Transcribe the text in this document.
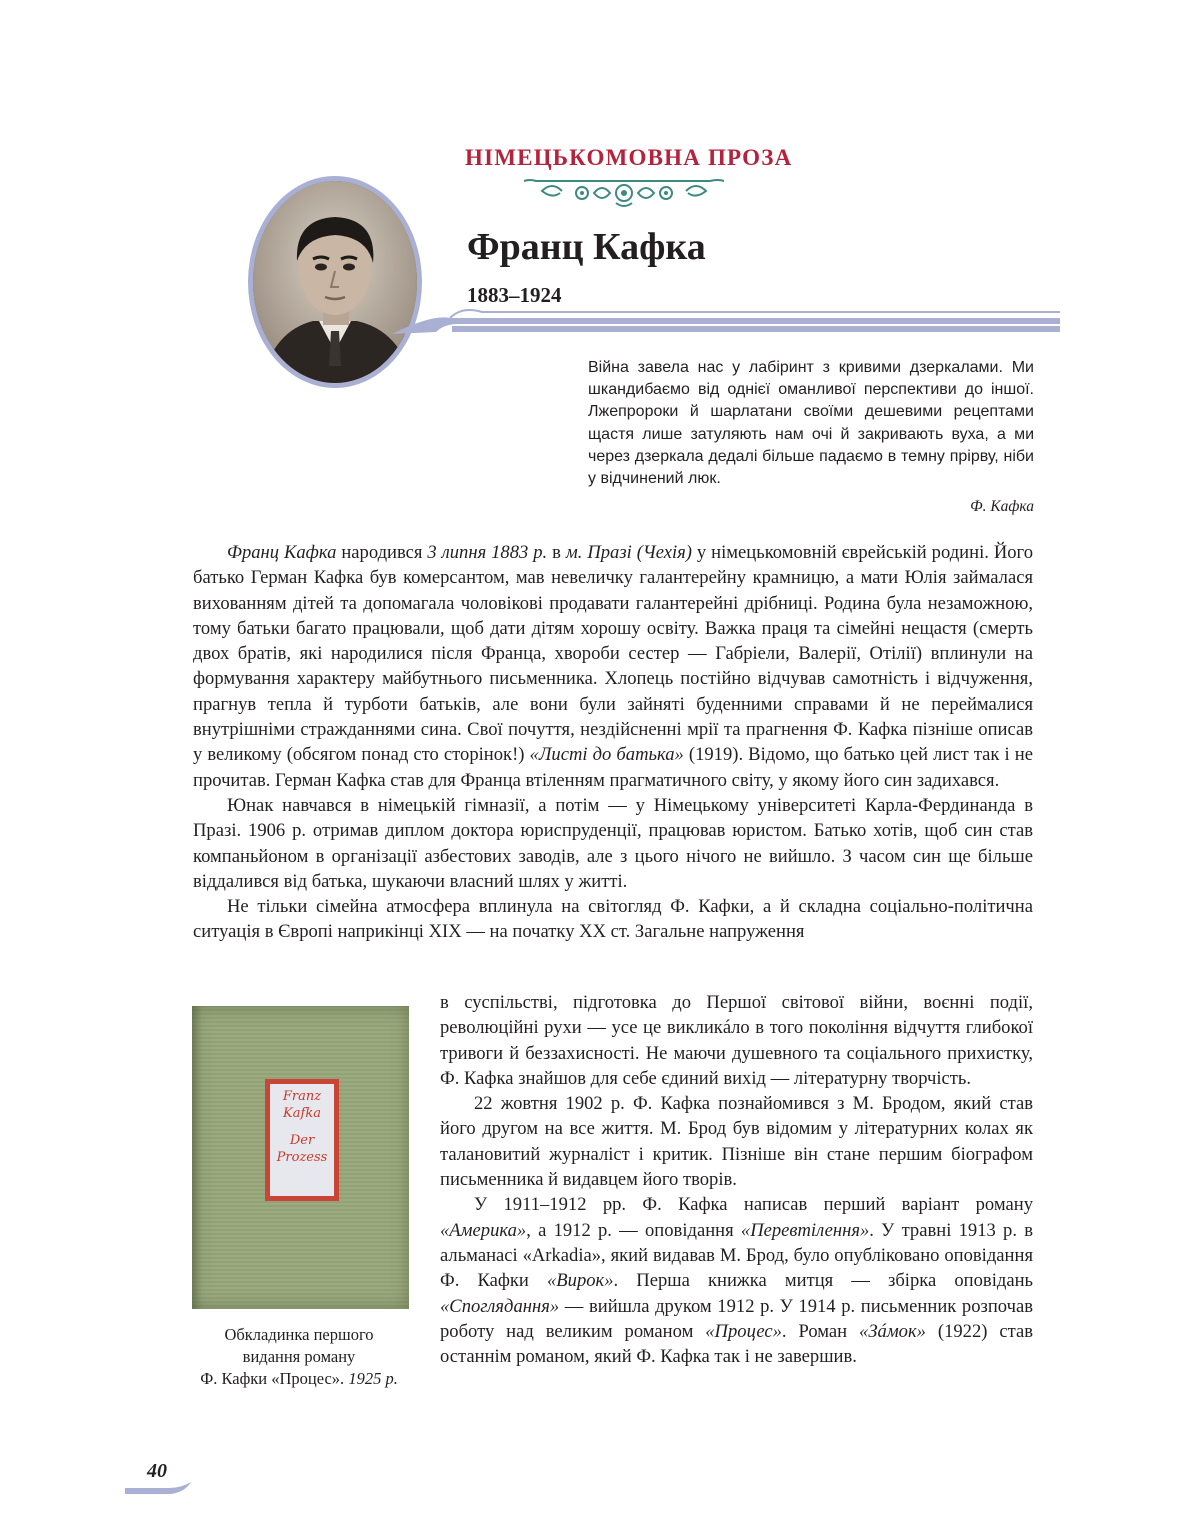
НІМЕЦЬКОМОВНА ПРОЗА
Франц Кафка
1883–1924

Війна завела нас у лабіринт з кривими дзеркалами. Ми шкандибаємо від однієї оманливої перспективи до іншої. Лжепророки й шарлатани своїми дешевими рецептами щастя лише затуляють нам очі й закривають вуха, а ми через дзеркала дедалі більше падаємо в темну прірву, ніби у відчинений люк.

Ф. Кафка

Франц Кафка народився 3 липня 1883 р. в м. Празі (Чехія) у німецькомовній єврейській родині. Його батько Герман Кафка був комерсантом, мав невеличку галантерейну крамницю, а мати Юлія займалася вихованням дітей та допомагала чоловікові продавати галантерейні дрібниці. Родина була незаможною, тому батьки багато працювали, щоб дати дітям хорошу освіту. Важка праця та сімейні нещастя (смерть двох братів, які народилися після Франца, хвороби сестер — Габріели, Валерії, Отілії) вплинули на формування характеру майбутнього письменника. Хлопець постійно відчував самотність і відчуження, прагнув тепла й турботи батьків, але вони були зайняті буденними справами й не переймалися внутрішніми стражданнями сина. Свої почуття, нездійсненні мрії та прагнення Ф. Кафка пізніше описав у великому (обсягом понад сто сторінок!) «Листі до батька» (1919). Відомо, що батько цей лист так і не прочитав. Герман Кафка став для Франца втіленням прагматичного світу, у якому його син задихався.

Юнак навчався в німецькій гімназії, а потім — у Німецькому університеті Карла-Фердинанда в Празі. 1906 р. отримав диплом доктора юриспруденції, працював юристом. Батько хотів, щоб син став компаньйоном в організації азбестових заводів, але з цього нічого не вийшло. З часом син ще більше віддалився від батька, шукаючи власний шлях у житті.

Не тільки сімейна атмосфера вплинула на світогляд Ф. Кафки, а й складна соціально-політична ситуація в Європі наприкінці XIX — на початку XX ст. Загальне напруження

Franz
Kafka
Der
Prozess

Обкладинка першого
видання роману
Ф. Кафки «Процес». 1925 р.

в суспільстві, підготовка до Першої світової війни, воєнні події, революційні рухи — усе це викликáло в того покоління відчуття глибокої тривоги й беззахисності. Не маючи душевного та соціального прихистку, Ф. Кафка знайшов для себе єдиний вихід — літературну творчість.

22 жовтня 1902 р. Ф. Кафка познайомився з М. Бродом, який став його другом на все життя. М. Брод був відомим у літературних колах як талановитий журналіст і критик. Пізніше він стане першим біографом письменника й видавцем його творів.

У 1911–1912 рр. Ф. Кафка написав перший варіант роману «Америка», а 1912 р. — оповідання «Перевтілення». У травні 1913 р. в альманасі «Arkadia», який видавав М. Брод, було опубліковано оповідання Ф. Кафки «Вирок». Перша книжка митця — збірка оповідань «Споглядання» — вийшла друком 1912 р. У 1914 р. письменник розпочав роботу над великим романом «Процес». Роман «Зáмок» (1922) став останнім романом, який Ф. Кафка так і не завершив.

40
